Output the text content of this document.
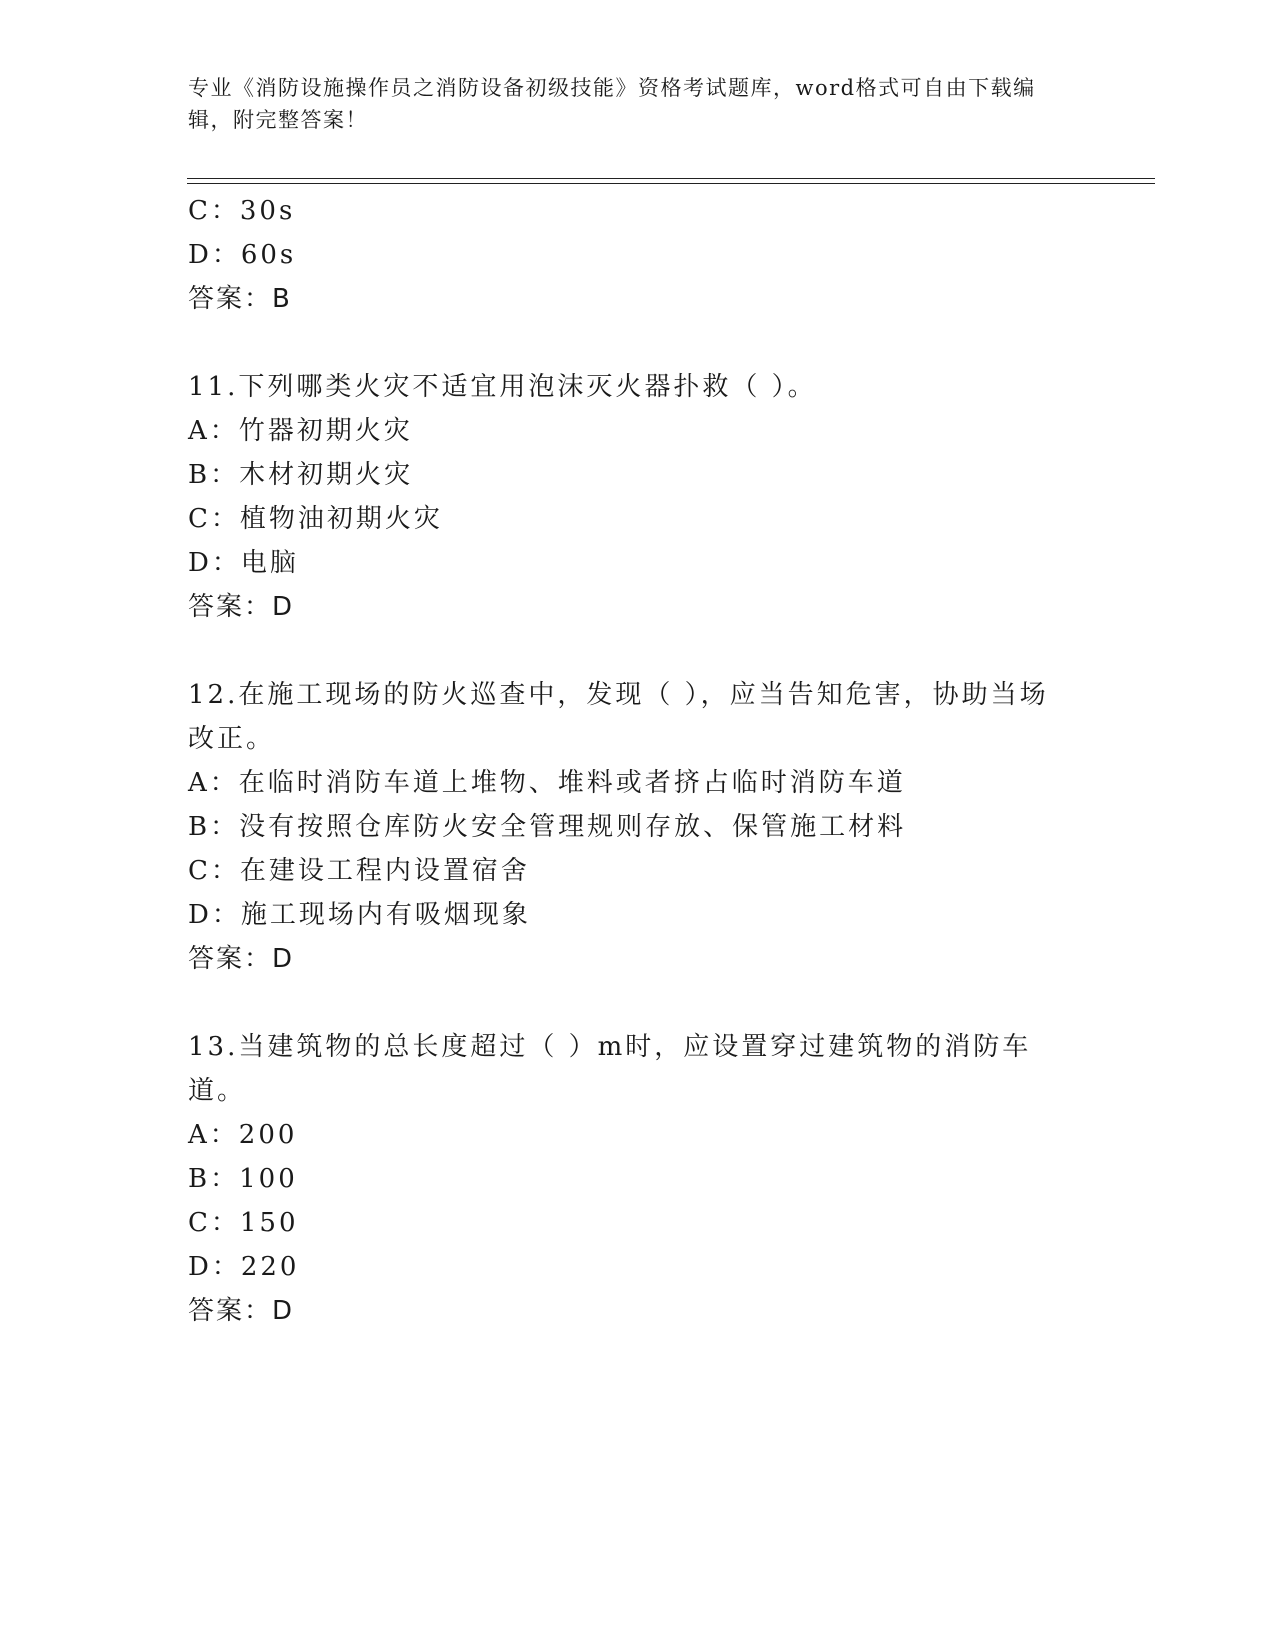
专业《消防设施操作员之消防设备初级技能》资格考试题库，word格式可自由下载编辑，附完整答案！
C：30s
D：60s
答案：B
11.下列哪类火灾不适宜用泡沫灭火器扑救（ ）。
A：竹器初期火灾
B：木材初期火灾
C：植物油初期火灾
D：电脑
答案：D
12.在施工现场的防火巡查中，发现（ ），应当告知危害，协助当场改正。
A：在临时消防车道上堆物、堆料或者挤占临时消防车道
B：没有按照仓库防火安全管理规则存放、保管施工材料
C：在建设工程内设置宿舍
D：施工现场内有吸烟现象
答案：D
13.当建筑物的总长度超过（ ）m时，应设置穿过建筑物的消防车道。
A：200
B：100
C：150
D：220
答案：D
